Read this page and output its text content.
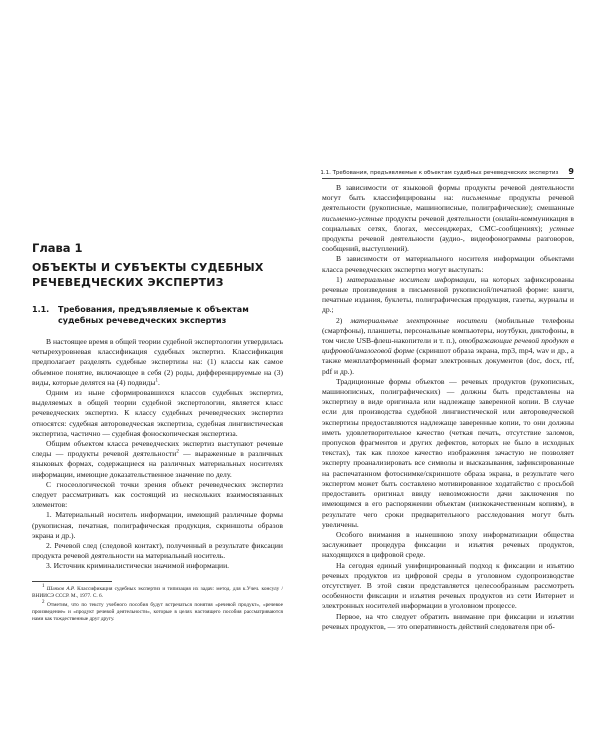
Глава 1
ОБЪЕКТЫ И СУБЪЕКТЫ СУДЕБНЫХ РЕЧЕВЕДЧЕСКИХ ЭКСПЕРТИЗ
1.1. Требования, предъявляемые к объектам судебных речеведческих экспертиз

В настоящее время в общей теории судебной экспертологии утвердилась четырехуровневая классификация судебных экспертиз. Классификация предполагает разделять судебные экспертизы на: (1) классы как самое объемное понятие, включающее в себя (2) роды, дифференцируемые на (3) виды, которые делятся на (4) подвиды$^1$.

Одним из ныне сформировавшихся классов судебных экспертиз, выделяемых в общей теории судебной экспертологии, является класс речеведческих экспертиз. К классу судебных речеведческих экспертиз относятся: судебная автороведческая экспертиза, судебная лингвистическая экспертиза, частично — судебная фоноскопическая экспертиза.

Общим объектом класса речеведческих экспертиз выступают речевые следы — продукты речевой деятельности$^2$ — выраженные в различных языковых формах, содержащиеся на различных материальных носителях информации, имеющие доказательственное значение по делу.

С гносеологической точки зрения объект речеведческих экспертиз следует рассматривать как состоящий из нескольких взаимосвязанных элементов:

1. Материальный носитель информации, имеющий различные формы (рукописная, печатная, полиграфическая продукция, скриншоты образов экрана и др.).

2. Речевой след (следовой контакт), полученный в результате фиксации продукта речевой деятельности на материальный носитель.

3. Источник криминалистически значимой информации.

$^1$ Шляхов А.Р. Классификация судебных экспертиз и типизация их задач: метод. для к.Учеч. консулу / ВНИИСЭ СССР. М., 1977. С. 6.

$^2$ Отметим, что по тексту учебного пособия будут встречаться понятия «речевой продукт», «речевое произведение» и «продукт речевой деятельности», которые в целях настоящего пособия рассматриваются нами как тождественные друг другу.

1.1. Требования, предъявляемые к объектам судебных речеведческих экспертиз 9

В зависимости от языковой формы продукты речевой деятельности могут быть классифицированы на: письменные продукты речевой деятельности (рукописные, машинописные, полиграфические); смешанные письменно-устные продукты речевой деятельности (онлайн-коммуникация в социальных сетях, блогах, мессенджерах, СМС-сообщениях); устные продукты речевой деятельности (аудио-, видеофонограммы разговоров, сообщений, выступлений).

В зависимости от материального носителя информации объектами класса речеведческих экспертиз могут выступать:

1) материальные носители информации, на которых зафиксированы речевые произведения в письменной рукописной/печатной форме: книги, печатные издания, буклеты, полиграфическая продукция, газеты, журналы и др.;

2) материальные электронные носители (мобильные телефоны (смартфоны), планшеты, персональные компьютеры, ноутбуки, диктофоны, в том числе USB-флеш-накопители и т. п.), отображающие речевой продукт в цифровой/аналоговой форме (скриншот образа экрана, mp3, mp4, wav и др., а также межплатформенный формат электронных документов (doc, docx, rtf, pdf и др.).

Традиционные формы объектов — речевых продуктов (рукописных, машинописных, полиграфических) — должны быть представлены на экспертизу в виде оригинала или надлежаще заверенной копии. В случае если для производства судебной лингвистической или автороведческой экспертизы предоставляются надлежаще заверенные копии, то они должны иметь удовлетворительное качество (четкая печать, отсутствие заломов, пропусков фрагментов и других дефектов, которых не было в исходных текстах), так как плохое качество изображения зачастую не позволяет эксперту проанализировать все символы и высказывания, зафиксированные на распечатанном фотоснимке/скриншоте образа экрана, в результате чего экспертом может быть составлено мотивированное ходатайство с просьбой предоставить оригинал ввиду невозможности дачи заключения по имеющимся в его распоряжении объектам (низкокачественным копиям), в результате чего сроки предварительного расследования могут быть увеличены.

Особого внимания в нынешнюю эпоху информатизации общества заслуживает процедура фиксации и изъятия речевых продуктов, находящихся в цифровой среде.

На сегодня единый унифицированный подход к фиксации и изъятию речевых продуктов из цифровой среды в уголовном судопроизводстве отсутствует. В этой связи представляется целесообразным рассмотреть особенности фиксации и изъятия речевых продуктов из сети Интернет и электронных носителей информации в уголовном процессе.

Первое, на что следует обратить внимание при фиксации и изъятии речевых продуктов, — это оперативность действий следователя при об-
